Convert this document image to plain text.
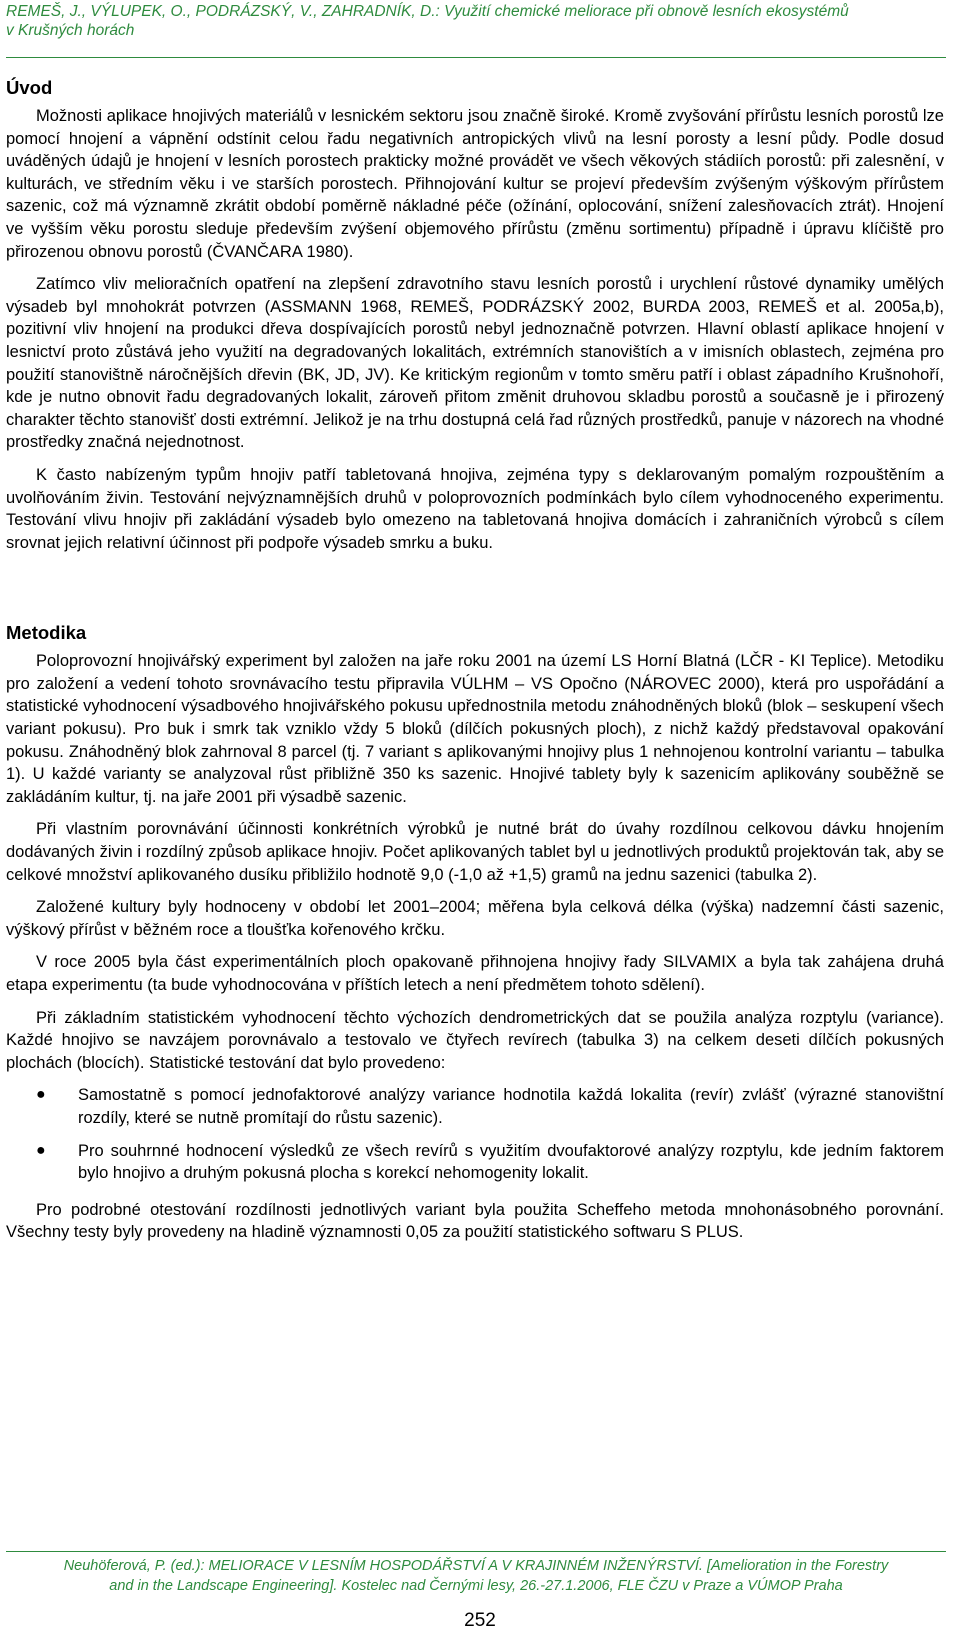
REMEŠ, J., VÝLUPEK, O., PODRÁZSKÝ, V., ZAHRADNÍK, D.: Využití chemické meliorace při obnově lesních ekosystémů
v Krušných horách
Úvod

Možnosti aplikace hnojivých materiálů v lesnickém sektoru jsou značně široké. Kromě zvyšování přírůstu lesních porostů lze pomocí hnojení a vápnění odstínit celou řadu negativních antropických vlivů na lesní porosty a lesní půdy. Podle dosud uváděných údajů je hnojení v lesních porostech prakticky možné provádět ve všech věkových stádiích porostů: při zalesnění, v kulturách, ve středním věku i ve starších porostech. Přihnojování kultur se projeví především zvýšeným výškovým přírůstem sazenic, což má významně zkrátit období poměrně nákladné péče (ožínání, oplocování, snížení zalesňovacích ztrát). Hnojení ve vyšším věku porostu sleduje především zvýšení objemového přírůstu (změnu sortimentu) případně i úpravu klíčiště pro přirozenou obnovu porostů (ČVANČARA 1980).

Zatímco vliv melioračních opatření na zlepšení zdravotního stavu lesních porostů i urychlení růstové dynamiky umělých výsadeb byl mnohokrát potvrzen (ASSMANN 1968, REMEŠ, PODRÁZSKÝ 2002, BURDA 2003, REMEŠ et al. 2005a,b), pozitivní vliv hnojení na produkci dřeva dospívajících porostů nebyl jednoznačně potvrzen. Hlavní oblastí aplikace hnojení v lesnictví proto zůstává jeho využití na degradovaných lokalitách, extrémních stanovištích a v imisních oblastech, zejména pro použití stanovištně náročnějších dřevin (BK, JD, JV). Ke kritickým regionům v tomto směru patří i oblast západního Krušnohoří, kde je nutno obnovit řadu degradovaných lokalit, zároveň přitom změnit druhovou skladbu porostů a současně je i přirozený charakter těchto stanovišť dosti extrémní. Jelikož je na trhu dostupná celá řad různých prostředků, panuje v názorech na vhodné prostředky značná nejednotnost.

K často nabízeným typům hnojiv patří tabletovaná hnojiva, zejména typy s deklarovaným pomalým rozpouštěním a uvolňováním živin. Testování nejvýznamnějších druhů v poloprovozních podmínkách bylo cílem vyhodnoceného experimentu. Testování vlivu hnojiv při zakládání výsadeb bylo omezeno na tabletovaná hnojiva domácích i zahraničních výrobců s cílem srovnat jejich relativní účinnost při podpoře výsadeb smrku a buku.

Metodika

Poloprovozní hnojivářský experiment byl založen na jaře roku 2001 na území LS Horní Blatná (LČR - KI Teplice). Metodiku pro založení a vedení tohoto srovnávacího testu připravila VÚLHM – VS Opočno (NÁROVEC 2000), která pro uspořádání a statistické vyhodnocení výsadbového hnojivářského pokusu upřednostnila metodu znáhodněných bloků (blok – seskupení všech variant pokusu). Pro buk i smrk tak vzniklo vždy 5 bloků (dílčích pokusných ploch), z nichž každý představoval opakování pokusu. Znáhodněný blok zahrnoval 8 parcel (tj. 7 variant s aplikovanými hnojivy plus 1 nehnojenou kontrolní variantu – tabulka 1). U každé varianty se analyzoval růst přibližně 350 ks sazenic. Hnojivé tablety byly k sazenicím aplikovány souběžně se zakládáním kultur, tj. na jaře 2001 při výsadbě sazenic.

Při vlastním porovnávání účinnosti konkrétních výrobků je nutné brát do úvahy rozdílnou celkovou dávku hnojením dodávaných živin i rozdílný způsob aplikace hnojiv. Počet aplikovaných tablet byl u jednotlivých produktů projektován tak, aby se celkové množství aplikovaného dusíku přibližilo hodnotě 9,0 (-1,0 až +1,5) gramů na jednu sazenici (tabulka 2).

Založené kultury byly hodnoceny v období let 2001–2004; měřena byla celková délka (výška) nadzemní části sazenic, výškový přírůst v běžném roce a tloušťka kořenového krčku.

V roce 2005 byla část experimentálních ploch opakovaně přihnojena hnojivy řady SILVAMIX a byla tak zahájena druhá etapa experimentu (ta bude vyhodnocována v příštích letech a není předmětem tohoto sdělení).

Při základním statistickém vyhodnocení těchto výchozích dendrometrických dat se použila analýza rozptylu (variance). Každé hnojivo se navzájem porovnávalo a testovalo ve čtyřech revírech (tabulka 3) na celkem deseti dílčích pokusných plochách (blocích). Statistické testování dat bylo provedeno:

● Samostatně s pomocí jednofaktorové analýzy variance hodnotila každá lokalita (revír) zvlášť (výrazné stanovištní rozdíly, které se nutně promítají do růstu sazenic).
● Pro souhrnné hodnocení výsledků ze všech revírů s využitím dvoufaktorové analýzy rozptylu, kde jedním faktorem bylo hnojivo a druhým pokusná plocha s korekcí nehomogenity lokalit.

Pro podrobné otestování rozdílnosti jednotlivých variant byla použita Scheffeho metoda mnohonásobného porovnání. Všechny testy byly provedeny na hladině významnosti 0,05 za použití statistického softwaru S PLUS.

Neuhöferová, P. (ed.): MELIORACE V LESNÍM HOSPODÁŘSTVÍ A V KRAJINNÉM INŽENÝRSTVÍ. [Amelioration in the Forestry
and in the Landscape Engineering]. Kostelec nad Černými lesy, 26.-27.1.2006, FLE ČZU v Praze a VÚMOP Praha
252
